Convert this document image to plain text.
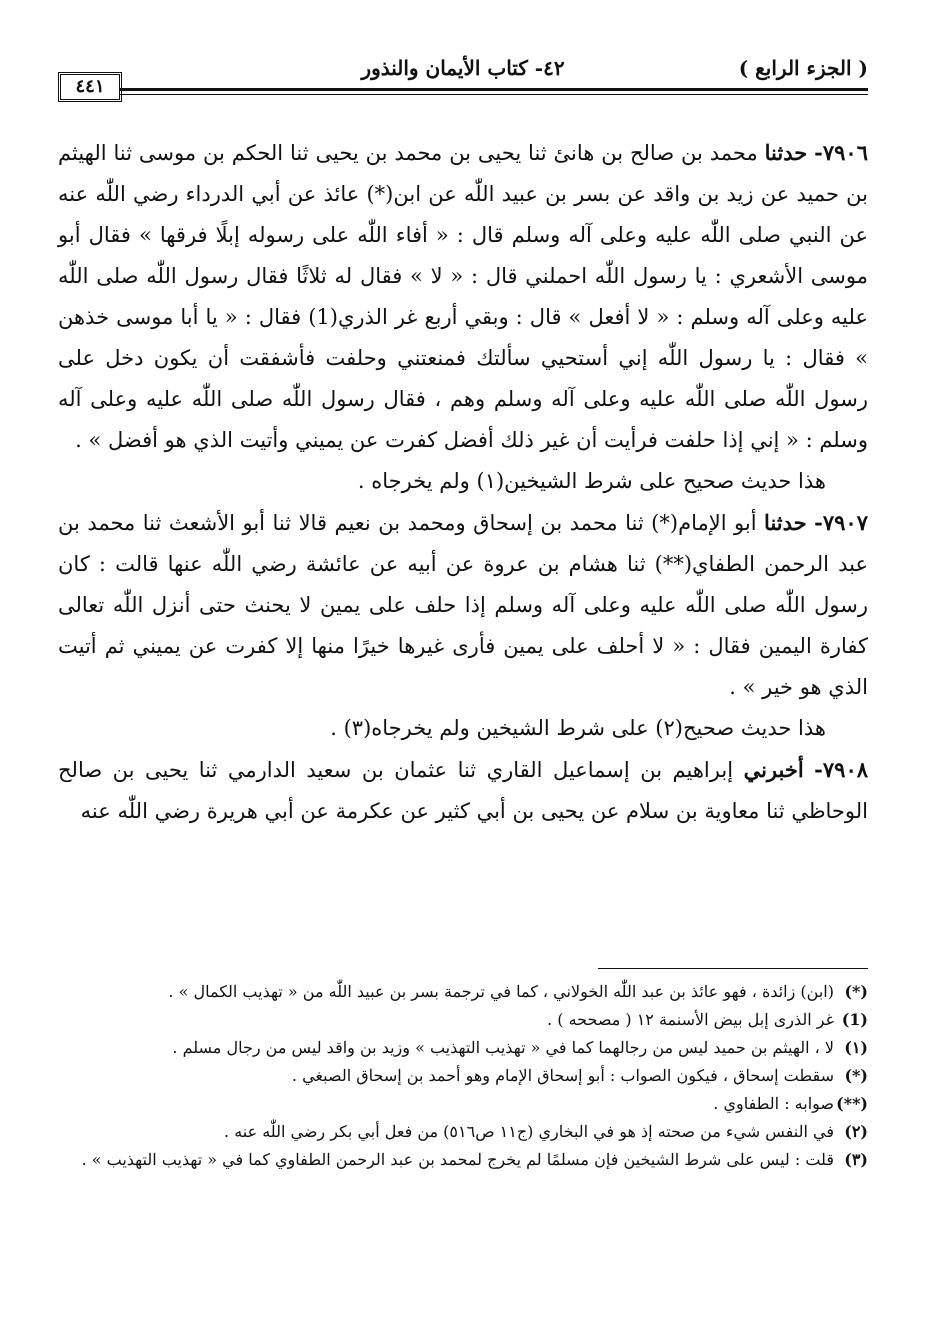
( الجزء الرابع )
٤٢- كتاب الأيمان والنذور
٤٤١

٧٩٠٦- حدثنا محمد بن صالح بن هانئ ثنا يحيى بن محمد بن يحيى ثنا الحكم بن موسى ثنا الهيثم بن حميد عن زيد بن واقد عن بسر بن عبيد اللّٰه عن ابن(*) عائذ عن أبي الدرداء رضي اللّٰه عنه عن النبي صلى اللّٰه عليه وعلى آله وسلم قال : « أفاء اللّٰه على رسوله إبلًا فرقها » فقال أبو موسى الأشعري : يا رسول اللّٰه احملني قال : « لا » فقال له ثلاثًا فقال رسول اللّٰه صلى اللّٰه عليه وعلى آله وسلم : « لا أفعل » قال : وبقي أربع غر الذري(1) فقال : « يا أبا موسى خذهن » فقال : يا رسول اللّٰه إني أستحيي سألتك فمنعتني وحلفت فأشفقت أن يكون دخل على رسول اللّٰه صلى اللّٰه عليه وعلى آله وسلم وهم ، فقال رسول اللّٰه صلى اللّٰه عليه وعلى آله وسلم : « إني إذا حلفت فرأيت أن غير ذلك أفضل كفرت عن يميني وأتيت الذي هو أفضل » .

هذا حديث صحيح على شرط الشيخين(١) ولم يخرجاه .

٧٩٠٧- حدثنا أبو الإمام(*) ثنا محمد بن إسحاق ومحمد بن نعيم قالا ثنا أبو الأشعث ثنا محمد بن عبد الرحمن الطفاي(**) ثنا هشام بن عروة عن أبيه عن عائشة رضي اللّٰه عنها قالت : كان رسول اللّٰه صلى اللّٰه عليه وعلى آله وسلم إذا حلف على يمين لا يحنث حتى أنزل اللّٰه تعالى كفارة اليمين فقال : « لا أحلف على يمين فأرى غيرها خيرًا منها إلا كفرت عن يميني ثم أتيت الذي هو خير » .

هذا حديث صحيح(٢) على شرط الشيخين ولم يخرجاه(٣) .

٧٩٠٨- أخبرني إبراهيم بن إسماعيل القاري ثنا عثمان بن سعيد الدارمي ثنا يحيى بن صالح الوحاظي ثنا معاوية بن سلام عن يحيى بن أبي كثير عن عكرمة عن أبي هريرة رضي اللّٰه عنه

(*)
(ابن) زائدة ، فهو عائذ بن عبد اللّٰه الخولاني ، كما في ترجمة بسر بن عبيد اللّٰه من « تهذيب الكمال » .

(1)
غر الذرى إبل بيض الأسنمة ١٢ ( مصححه ) .

(١)
لا ، الهيثم بن حميد ليس من رجالهما كما في « تهذيب التهذيب » وزيد بن واقد ليس من رجال مسلم .

(*)
سقطت إسحاق ، فيكون الصواب : أبو إسحاق الإمام وهو أحمد بن إسحاق الصبغي .

(**)
صوابه : الطفاوي .

(٢)
في النفس شيء من صحته إذ هو في البخاري (ج١١ ص٥١٦) من فعل أبي بكر رضي اللّٰه عنه .

(٣)
قلت : ليس على شرط الشيخين فإن مسلمًا لم يخرج لمحمد بن عبد الرحمن الطفاوي كما في « تهذيب التهذيب » .
